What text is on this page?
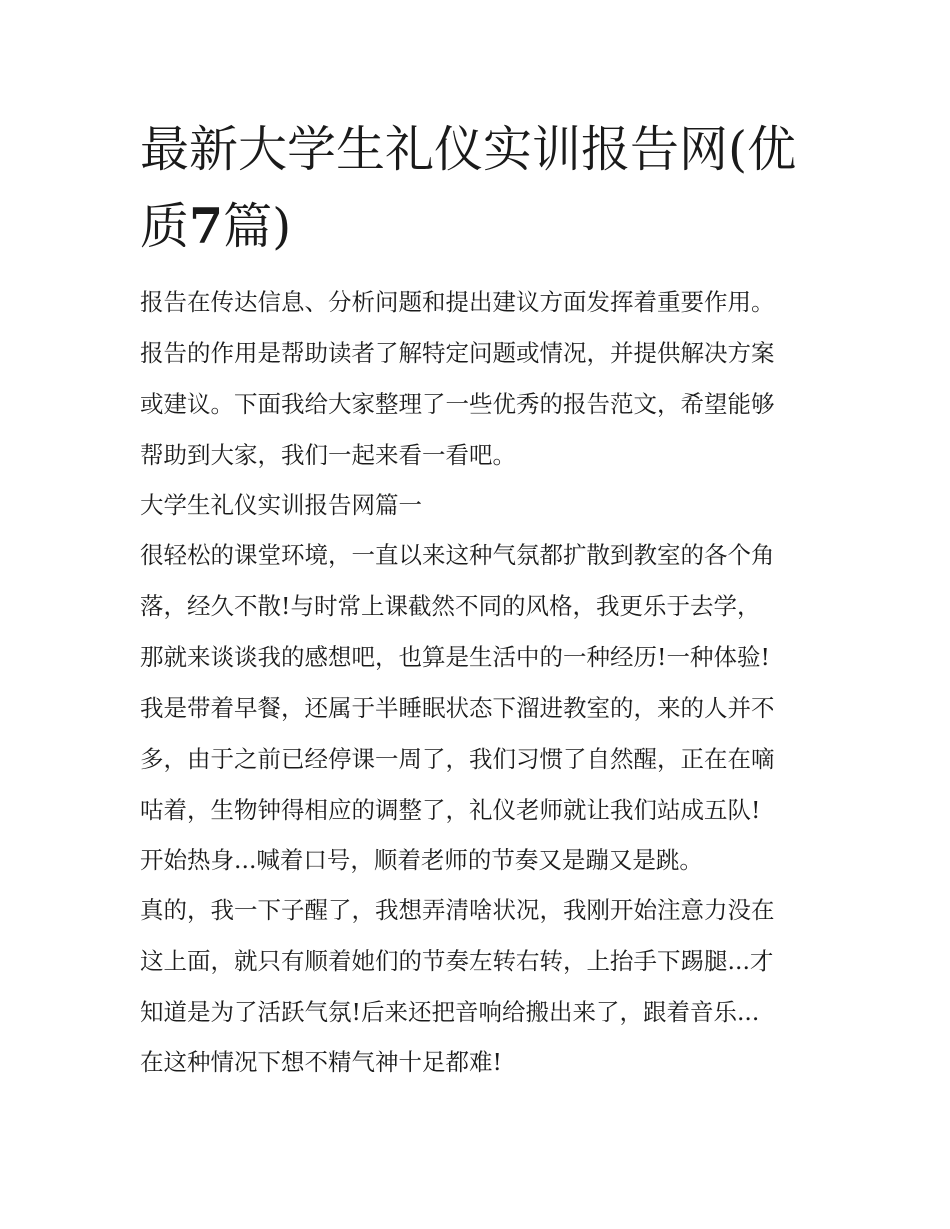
最新大学生礼仪实训报告网(优
质7篇)

报告在传达信息、分析问题和提出建议方面发挥着重要作用。

报告的作用是帮助读者了解特定问题或情况，并提供解决方案

或建议。下面我给大家整理了一些优秀的报告范文，希望能够

帮助到大家，我们一起来看一看吧。

大学生礼仪实训报告网篇一

很轻松的课堂环境，一直以来这种气氛都扩散到教室的各个角

落，经久不散!与时常上课截然不同的风格，我更乐于去学，

那就来谈谈我的感想吧，也算是生活中的一种经历!一种体验!

我是带着早餐，还属于半睡眠状态下溜进教室的，来的人并不

多，由于之前已经停课一周了，我们习惯了自然醒，正在在嘀

咕着，生物钟得相应的调整了，礼仪老师就让我们站成五队!

开始热身...喊着口号，顺着老师的节奏又是蹦又是跳。

真的，我一下子醒了，我想弄清啥状况，我刚开始注意力没在

这上面，就只有顺着她们的节奏左转右转，上抬手下踢腿...才

知道是为了活跃气氛!后来还把音响给搬出来了，跟着音乐...

在这种情况下想不精气神十足都难!
